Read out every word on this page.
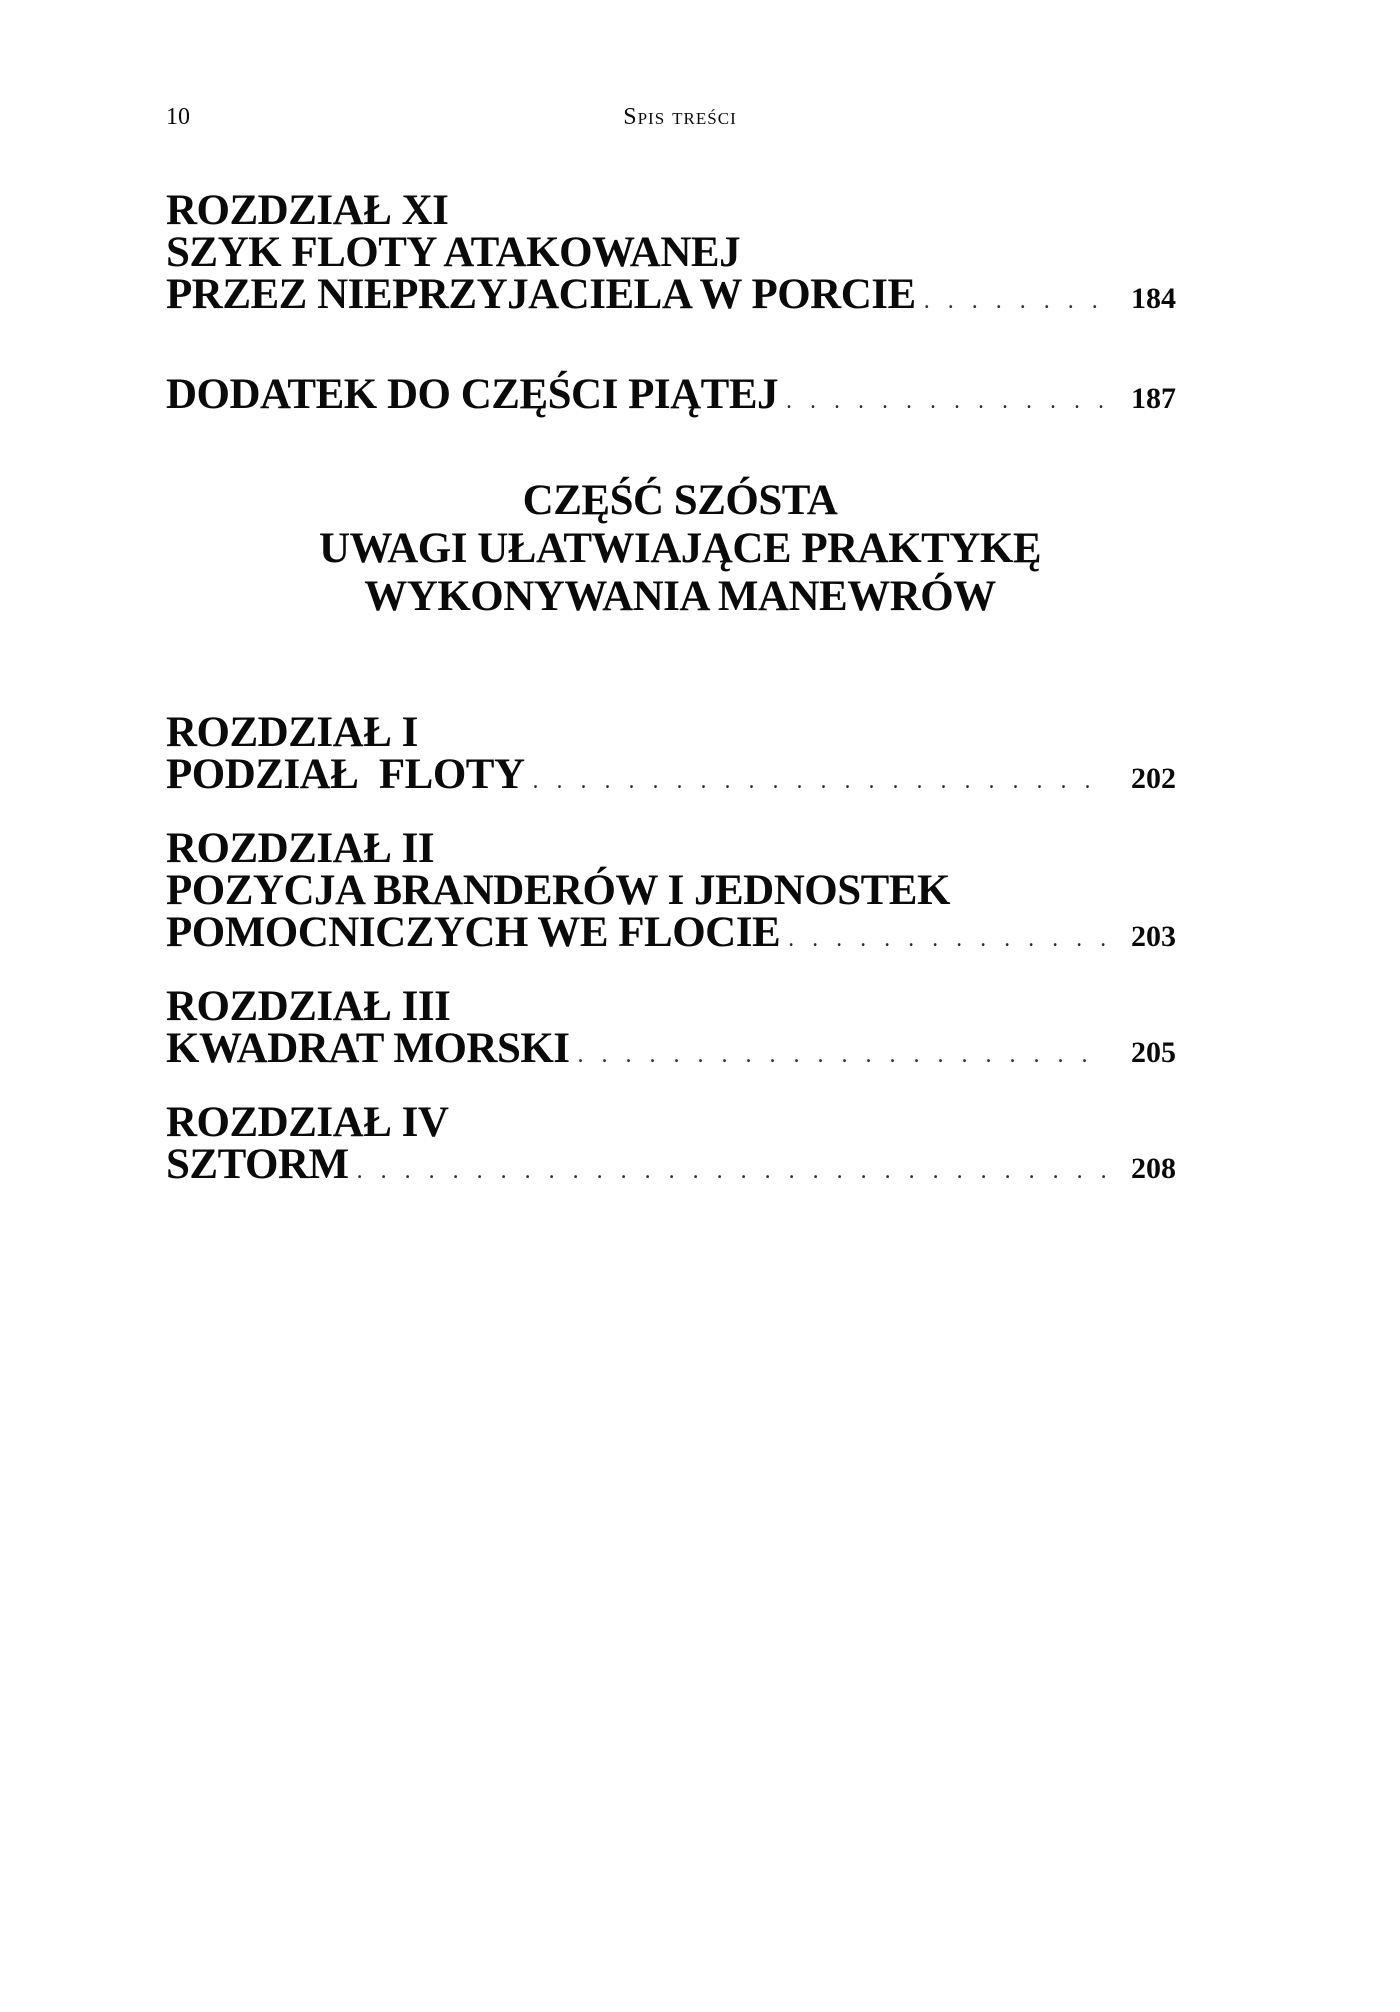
10	Spis treści
ROZDZIAŁ XI
SZYK FLOTY ATAKOWANEJ
PRZEZ NIEPRZYJACIELA W PORCIE . . .	184
DODATEK DO CZĘŚCI PIĄTEJ . . .	187
CZĘŚĆ SZÓSTA
UWAGI UŁATWIAJĄCE PRAKTYKĘ
WYKONYWANIA MANEWRÓW
ROZDZIAŁ I
PODZIAŁ  FLOTY . . .	202
ROZDZIAŁ II
POZYCJA BRANDERÓW I JEDNOSTEK
POMOCNICZYCH WE FLOCIE . . .	203
ROZDZIAŁ III
KWADRAT MORSKI . . .	205
ROZDZIAŁ IV
SZTORM . . .	208
